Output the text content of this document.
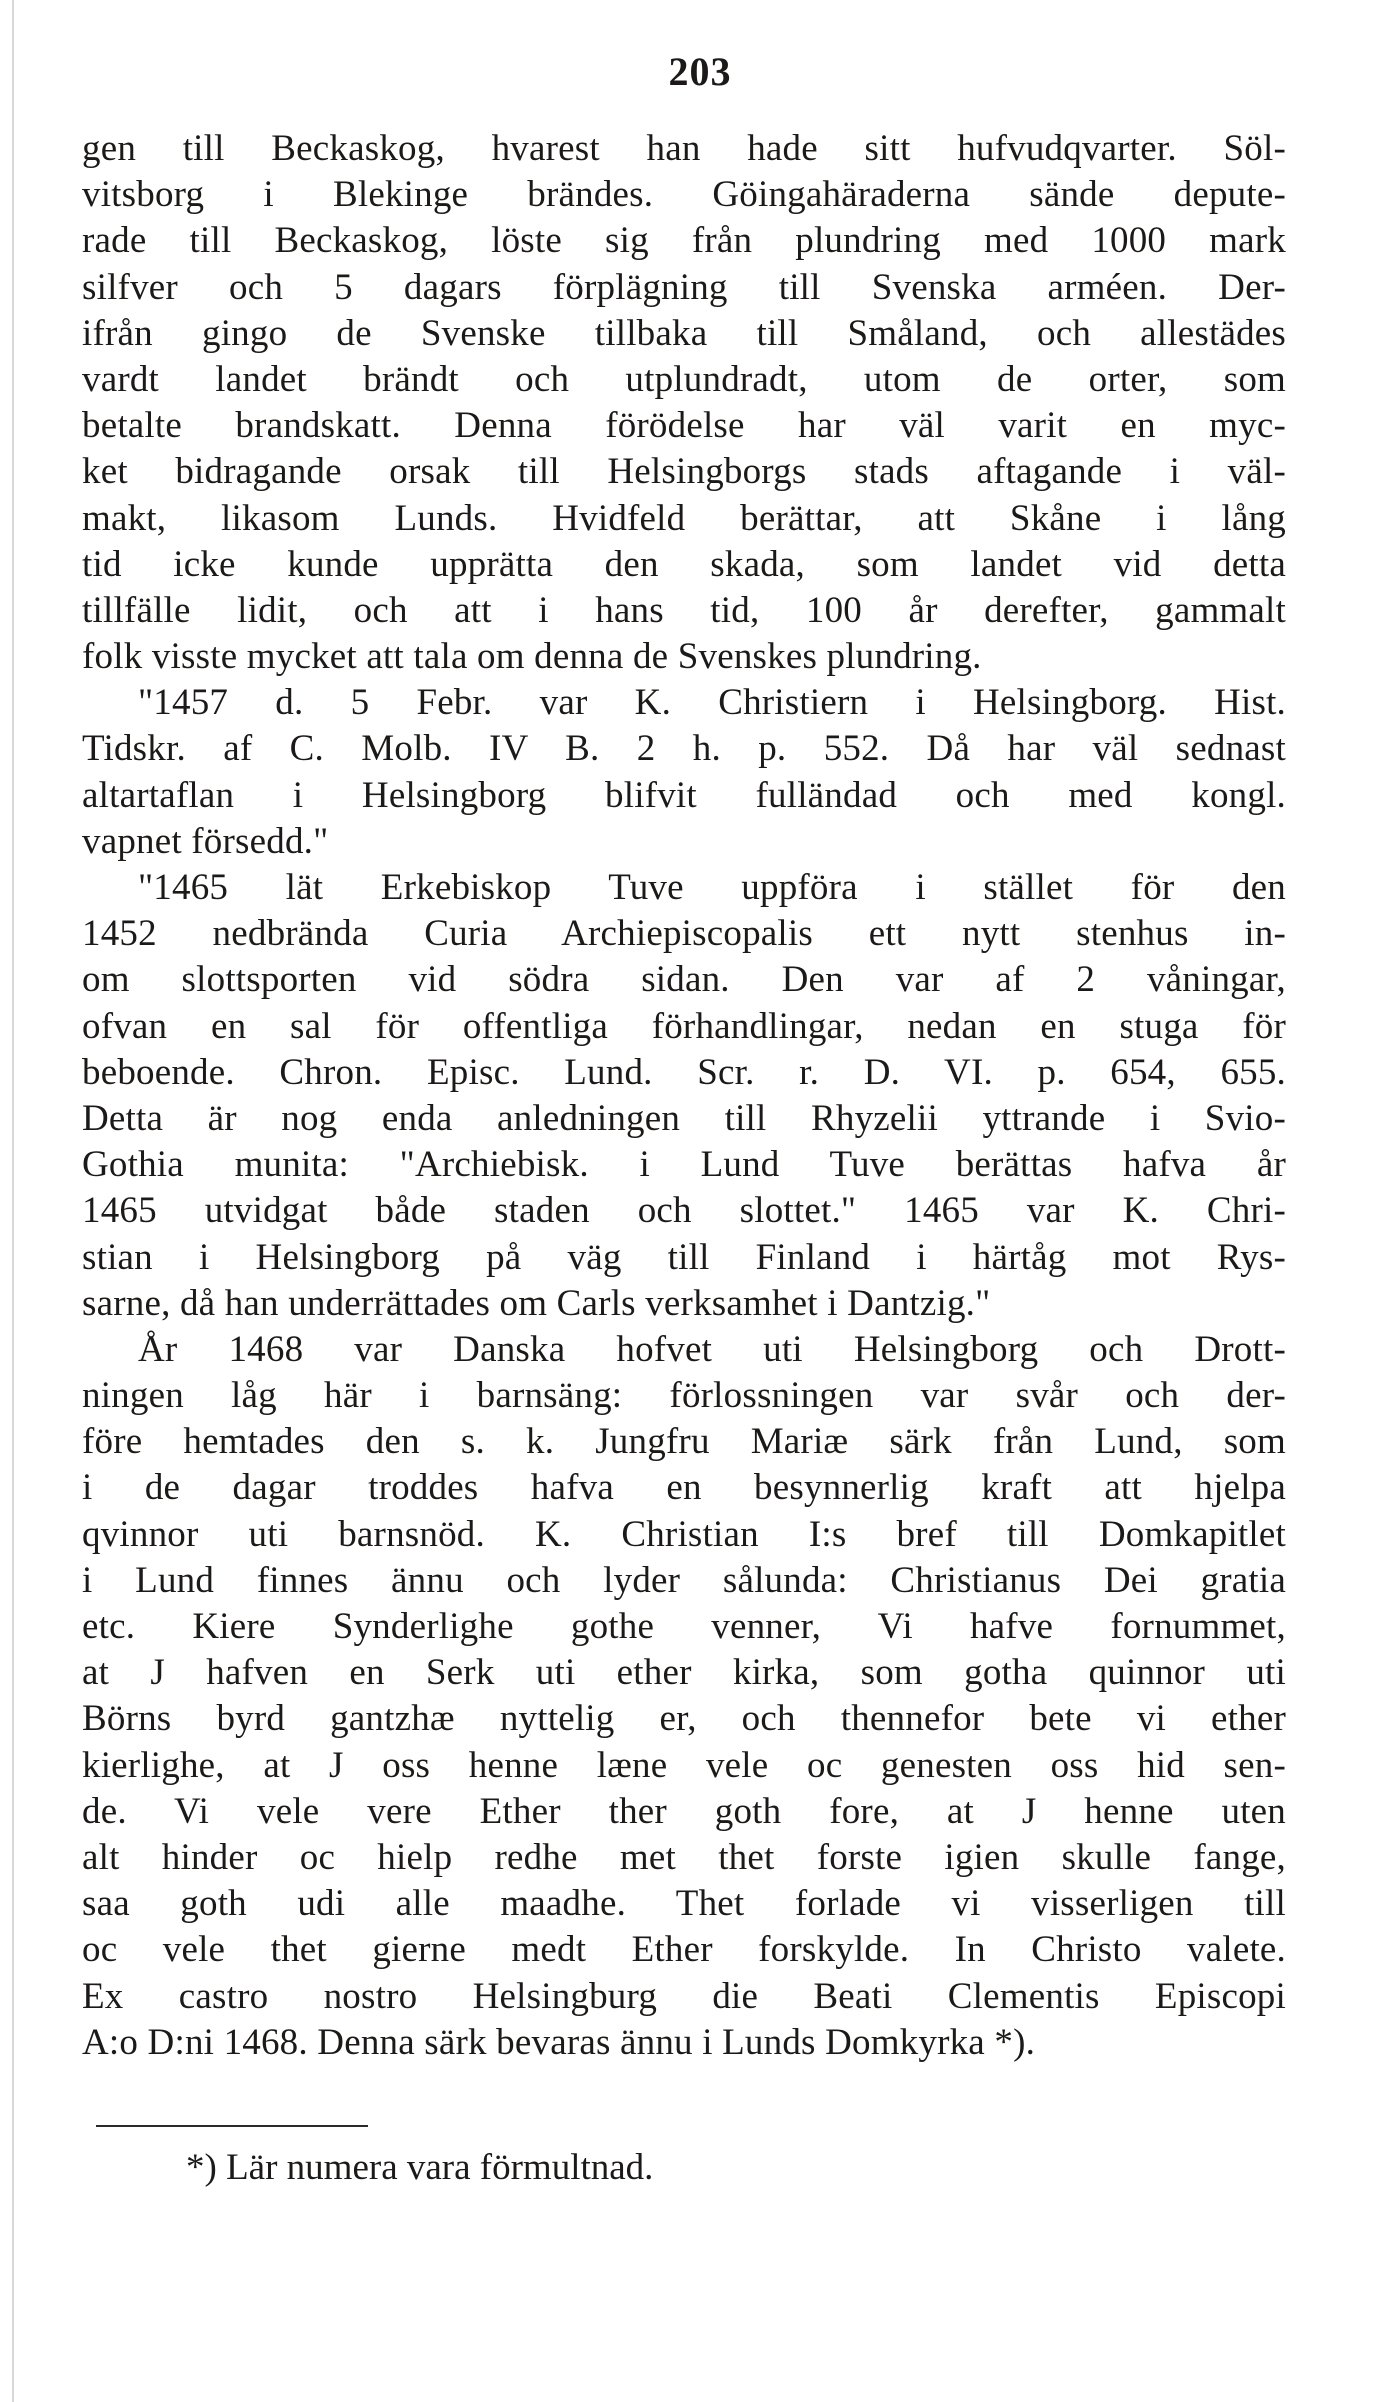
203
gen till Beckaskog, hvarest han hade sitt hufvudqvarter. Söl-
vitsborg i Blekinge brändes. Göingahäraderna sände depute-
rade till Beckaskog, löste sig från plundring med 1000 mark
silfver och 5 dagars förplägning till Svenska arméen. Der-
ifrån gingo de Svenske tillbaka till Småland, och allestädes
vardt landet brändt och utplundradt, utom de orter, som
betalte brandskatt. Denna förödelse har väl varit en myc-
ket bidragande orsak till Helsingborgs stads aftagande i väl-
makt, likasom Lunds. Hvidfeld berättar, att Skåne i lång
tid icke kunde upprätta den skada, som landet vid detta
tillfälle lidit, och att i hans tid, 100 år derefter, gammalt
folk visste mycket att tala om denna de Svenskes plundring.
"1457 d. 5 Febr. var K. Christiern i Helsingborg. Hist.
Tidskr. af C. Molb. IV B. 2 h. p. 552. Då har väl sednast
altartaflan i Helsingborg blifvit fulländad och med kongl.
vapnet försedd."
"1465 lät Erkebiskop Tuve uppföra i stället för den
1452 nedbrända Curia Archiepiscopalis ett nytt stenhus in-
om slottsporten vid södra sidan. Den var af 2 våningar,
ofvan en sal för offentliga förhandlingar, nedan en stuga för
beboende. Chron. Episc. Lund. Scr. r. D. VI. p. 654, 655.
Detta är nog enda anledningen till Rhyzelii yttrande i Svio-
Gothia munita: "Archiebisk. i Lund Tuve berättas hafva år
1465 utvidgat både staden och slottet." 1465 var K. Chri-
stian i Helsingborg på väg till Finland i härtåg mot Rys-
sarne, då han underrättades om Carls verksamhet i Dantzig."
År 1468 var Danska hofvet uti Helsingborg och Drott-
ningen låg här i barnsäng: förlossningen var svår och der-
före hemtades den s. k. Jungfru Mariæ särk från Lund, som
i de dagar troddes hafva en besynnerlig kraft att hjelpa
qvinnor uti barnsnöd. K. Christian I:s bref till Domkapitlet
i Lund finnes ännu och lyder sålunda: Christianus Dei gratia
etc. Kiere Synderlighe gothe venner, Vi hafve fornummet,
at J hafven en Serk uti ether kirka, som gotha quinnor uti
Börns byrd gantzhæ nyttelig er, och thennefor bete vi ether
kierlighe, at J oss henne læne vele oc genesten oss hid sen-
de. Vi vele vere Ether ther goth fore, at J henne uten
alt hinder oc hielp redhe met thet forste igien skulle fange,
saa goth udi alle maadhe. Thet forlade vi visserligen till
oc vele thet gierne medt Ether forskylde. In Christo valete.
Ex castro nostro Helsingburg die Beati Clementis Episcopi
A:o D:ni 1468. Denna särk bevaras ännu i Lunds Domkyrka *).
*) Lär numera vara förmultnad.
